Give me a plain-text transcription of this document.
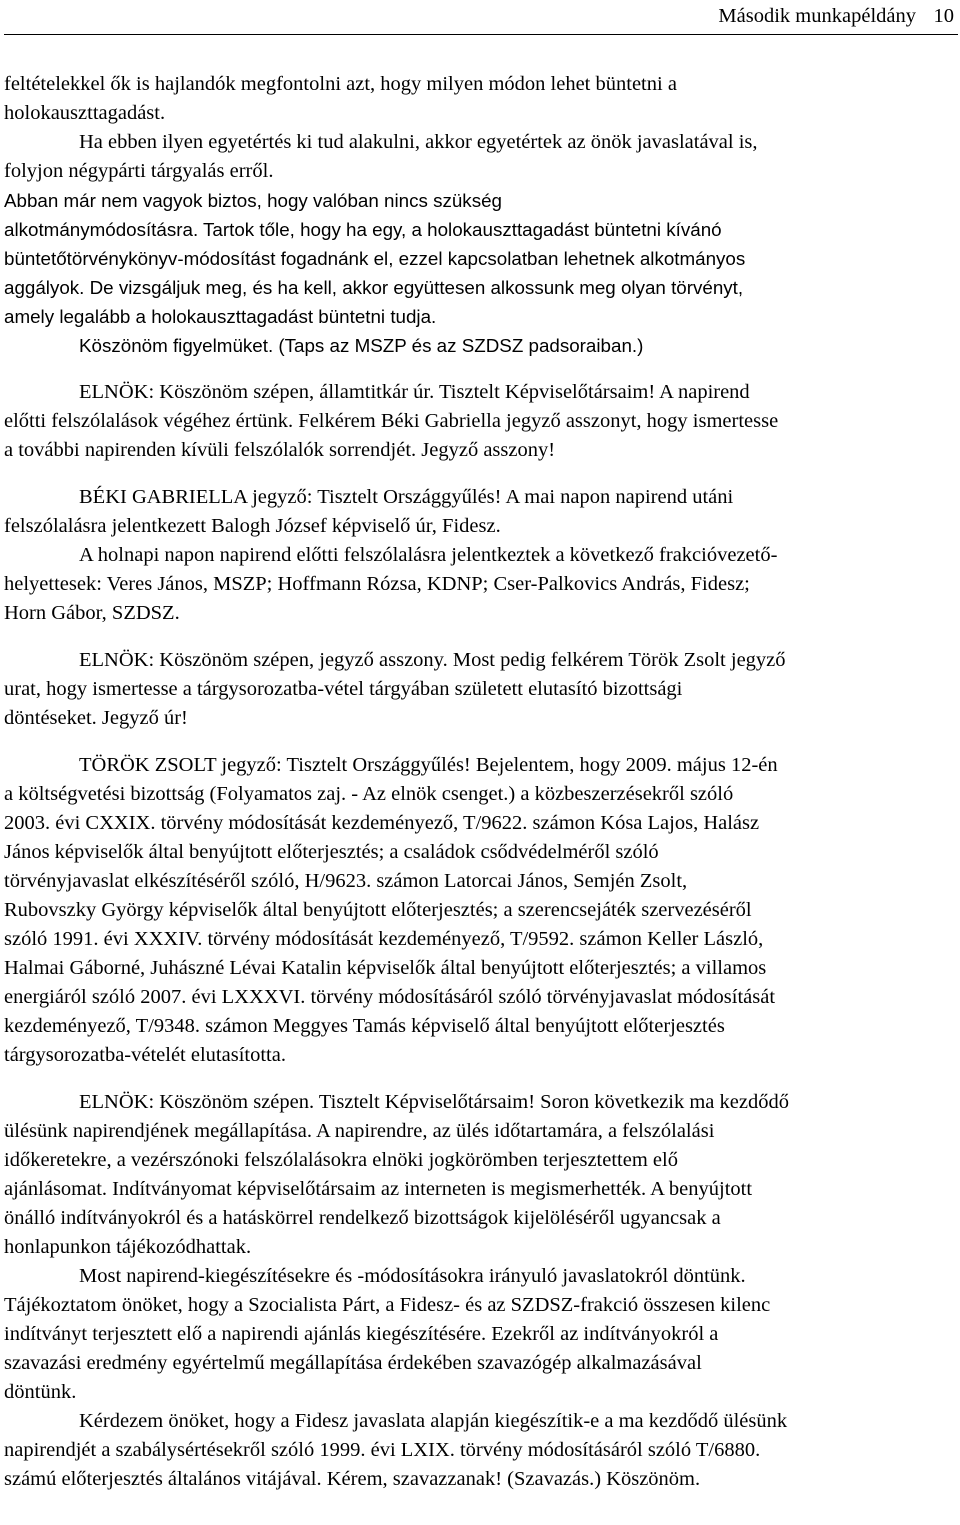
Második munkapéldány 10

feltételekkel ők is hajlandók megfontolni azt, hogy milyen módon lehet büntetni a
holokauszttagadást.

Ha ebben ilyen egyetértés ki tud alakulni, akkor egyetértek az önök javaslatával is,
folyjon négypárti tárgyalás erről.

Abban már nem vagyok biztos, hogy valóban nincs szükség
alkotmánymódosításra. Tartok tőle, hogy ha egy, a holokauszttagadást büntetni kívánó
büntetőtörvénykönyv-módosítást fogadnánk el, ezzel kapcsolatban lehetnek alkotmányos
aggályok. De vizsgáljuk meg, és ha kell, akkor együttesen alkossunk meg olyan törvényt,
amely legalább a holokauszttagadást büntetni tudja.

Köszönöm figyelmüket. (Taps az MSZP és az SZDSZ padsoraiban.)

ELNÖK: Köszönöm szépen, államtitkár úr. Tisztelt Képviselőtársaim! A napirend
előtti felszólalások végéhez értünk. Felkérem Béki Gabriella jegyző asszonyt, hogy ismertesse
a további napirenden kívüli felszólalók sorrendjét. Jegyző asszony!

BÉKI GABRIELLA jegyző: Tisztelt Országgyűlés! A mai napon napirend utáni
felszólalásra jelentkezett Balogh József képviselő úr, Fidesz.

A holnapi napon napirend előtti felszólalásra jelentkeztek a következő frakcióvezető-
helyettesek: Veres János, MSZP; Hoffmann Rózsa, KDNP; Cser-Palkovics András, Fidesz;
Horn Gábor, SZDSZ.

ELNÖK: Köszönöm szépen, jegyző asszony. Most pedig felkérem Török Zsolt jegyző
urat, hogy ismertesse a tárgysorozatba-vétel tárgyában született elutasító bizottsági
döntéseket. Jegyző úr!

TÖRÖK ZSOLT jegyző: Tisztelt Országgyűlés! Bejelentem, hogy 2009. május 12-én
a költségvetési bizottság (Folyamatos zaj. - Az elnök csenget.) a közbeszerzésekről szóló
2003. évi CXXIX. törvény módosítását kezdeményező, T/9622. számon Kósa Lajos, Halász
János képviselők által benyújtott előterjesztés; a családok csődvédelméről szóló
törvényjavaslat elkészítéséről szóló, H/9623. számon Latorcai János, Semjén Zsolt,
Rubovszky György képviselők által benyújtott előterjesztés; a szerencsejáték szervezéséről
szóló 1991. évi XXXIV. törvény módosítását kezdeményező, T/9592. számon Keller László,
Halmai Gáborné, Juhászné Lévai Katalin képviselők által benyújtott előterjesztés; a villamos
energiáról szóló 2007. évi LXXXVI. törvény módosításáról szóló törvényjavaslat módosítását
kezdeményező, T/9348. számon Meggyes Tamás képviselő által benyújtott előterjesztés
tárgysorozatba-vételét elutasította.

ELNÖK: Köszönöm szépen. Tisztelt Képviselőtársaim! Soron következik ma kezdődő
ülésünk napirendjének megállapítása. A napirendre, az ülés időtartamára, a felszólalási
időkeretekre, a vezérszónoki felszólalásokra elnöki jogkörömben terjesztettem elő
ajánlásomat. Indítványomat képviselőtársaim az interneten is megismerhették. A benyújtott
önálló indítványokról és a hatáskörrel rendelkező bizottságok kijelöléséről ugyancsak a
honlapunkon tájékozódhattak.

Most napirend-kiegészítésekre és -módosításokra irányuló javaslatokról döntünk.
Tájékoztatom önöket, hogy a Szocialista Párt, a Fidesz- és az SZDSZ-frakció összesen kilenc
indítványt terjesztett elő a napirendi ajánlás kiegészítésére. Ezekről az indítványokról a
szavazási eredmény egyértelmű megállapítása érdekében szavazógép alkalmazásával
döntünk.

Kérdezem önöket, hogy a Fidesz javaslata alapján kiegészítik-e a ma kezdődő ülésünk
napirendjét a szabálysértésekről szóló 1999. évi LXIX. törvény módosításáról szóló T/6880.
számú előterjesztés általános vitájával. Kérem, szavazzanak! (Szavazás.) Köszönöm.
